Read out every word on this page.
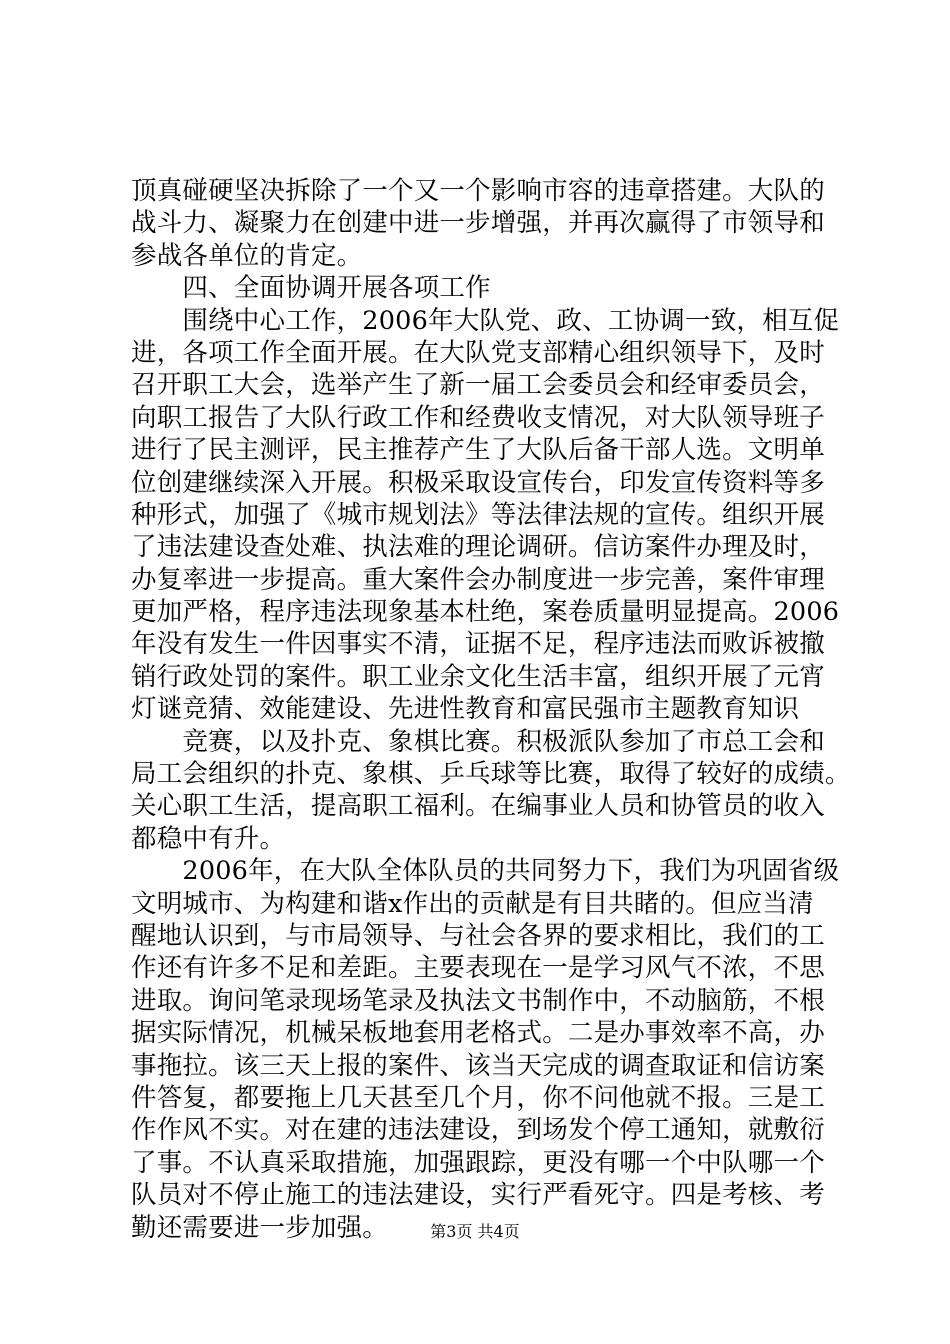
顶真碰硬坚决拆除了一个又一个影响市容的违章搭建。大队的
战斗力、凝聚力在创建中进一步增强，并再次赢得了市领导和
参战各单位的肯定。
　　四、全面协调开展各项工作
　　围绕中心工作，2006年大队党、政、工协调一致，相互促
进，各项工作全面开展。在大队党支部精心组织领导下，及时
召开职工大会，选举产生了新一届工会委员会和经审委员会，
向职工报告了大队行政工作和经费收支情况，对大队领导班子
进行了民主测评，民主推荐产生了大队后备干部人选。文明单
位创建继续深入开展。积极采取设宣传台，印发宣传资料等多
种形式，加强了《城市规划法》等法律法规的宣传。组织开展
了违法建设查处难、执法难的理论调研。信访案件办理及时，
办复率进一步提高。重大案件会办制度进一步完善，案件审理
更加严格，程序违法现象基本杜绝，案卷质量明显提高。2006
年没有发生一件因事实不清，证据不足，程序违法而败诉被撤
销行政处罚的案件。职工业余文化生活丰富，组织开展了元宵
灯谜竞猜、效能建设、先进性教育和富民强市主题教育知识
　　竞赛，以及扑克、象棋比赛。积极派队参加了市总工会和
局工会组织的扑克、象棋、乒乓球等比赛，取得了较好的成绩。
关心职工生活，提高职工福利。在编事业人员和协管员的收入
都稳中有升。
　　2006年，在大队全体队员的共同努力下，我们为巩固省级
文明城市、为构建和谐x作出的贡献是有目共睹的。但应当清
醒地认识到，与市局领导、与社会各界的要求相比，我们的工
作还有许多不足和差距。主要表现在一是学习风气不浓，不思
进取。询问笔录现场笔录及执法文书制作中，不动脑筋，不根
据实际情况，机械呆板地套用老格式。二是办事效率不高，办
事拖拉。该三天上报的案件、该当天完成的调查取证和信访案
件答复，都要拖上几天甚至几个月，你不问他就不报。三是工
作作风不实。对在建的违法建设，到场发个停工通知，就敷衍
了事。不认真采取措施，加强跟踪，更没有哪一个中队哪一个
队员对不停止施工的违法建设，实行严看死守。四是考核、考
勤还需要进一步加强。	第3页 共4页
